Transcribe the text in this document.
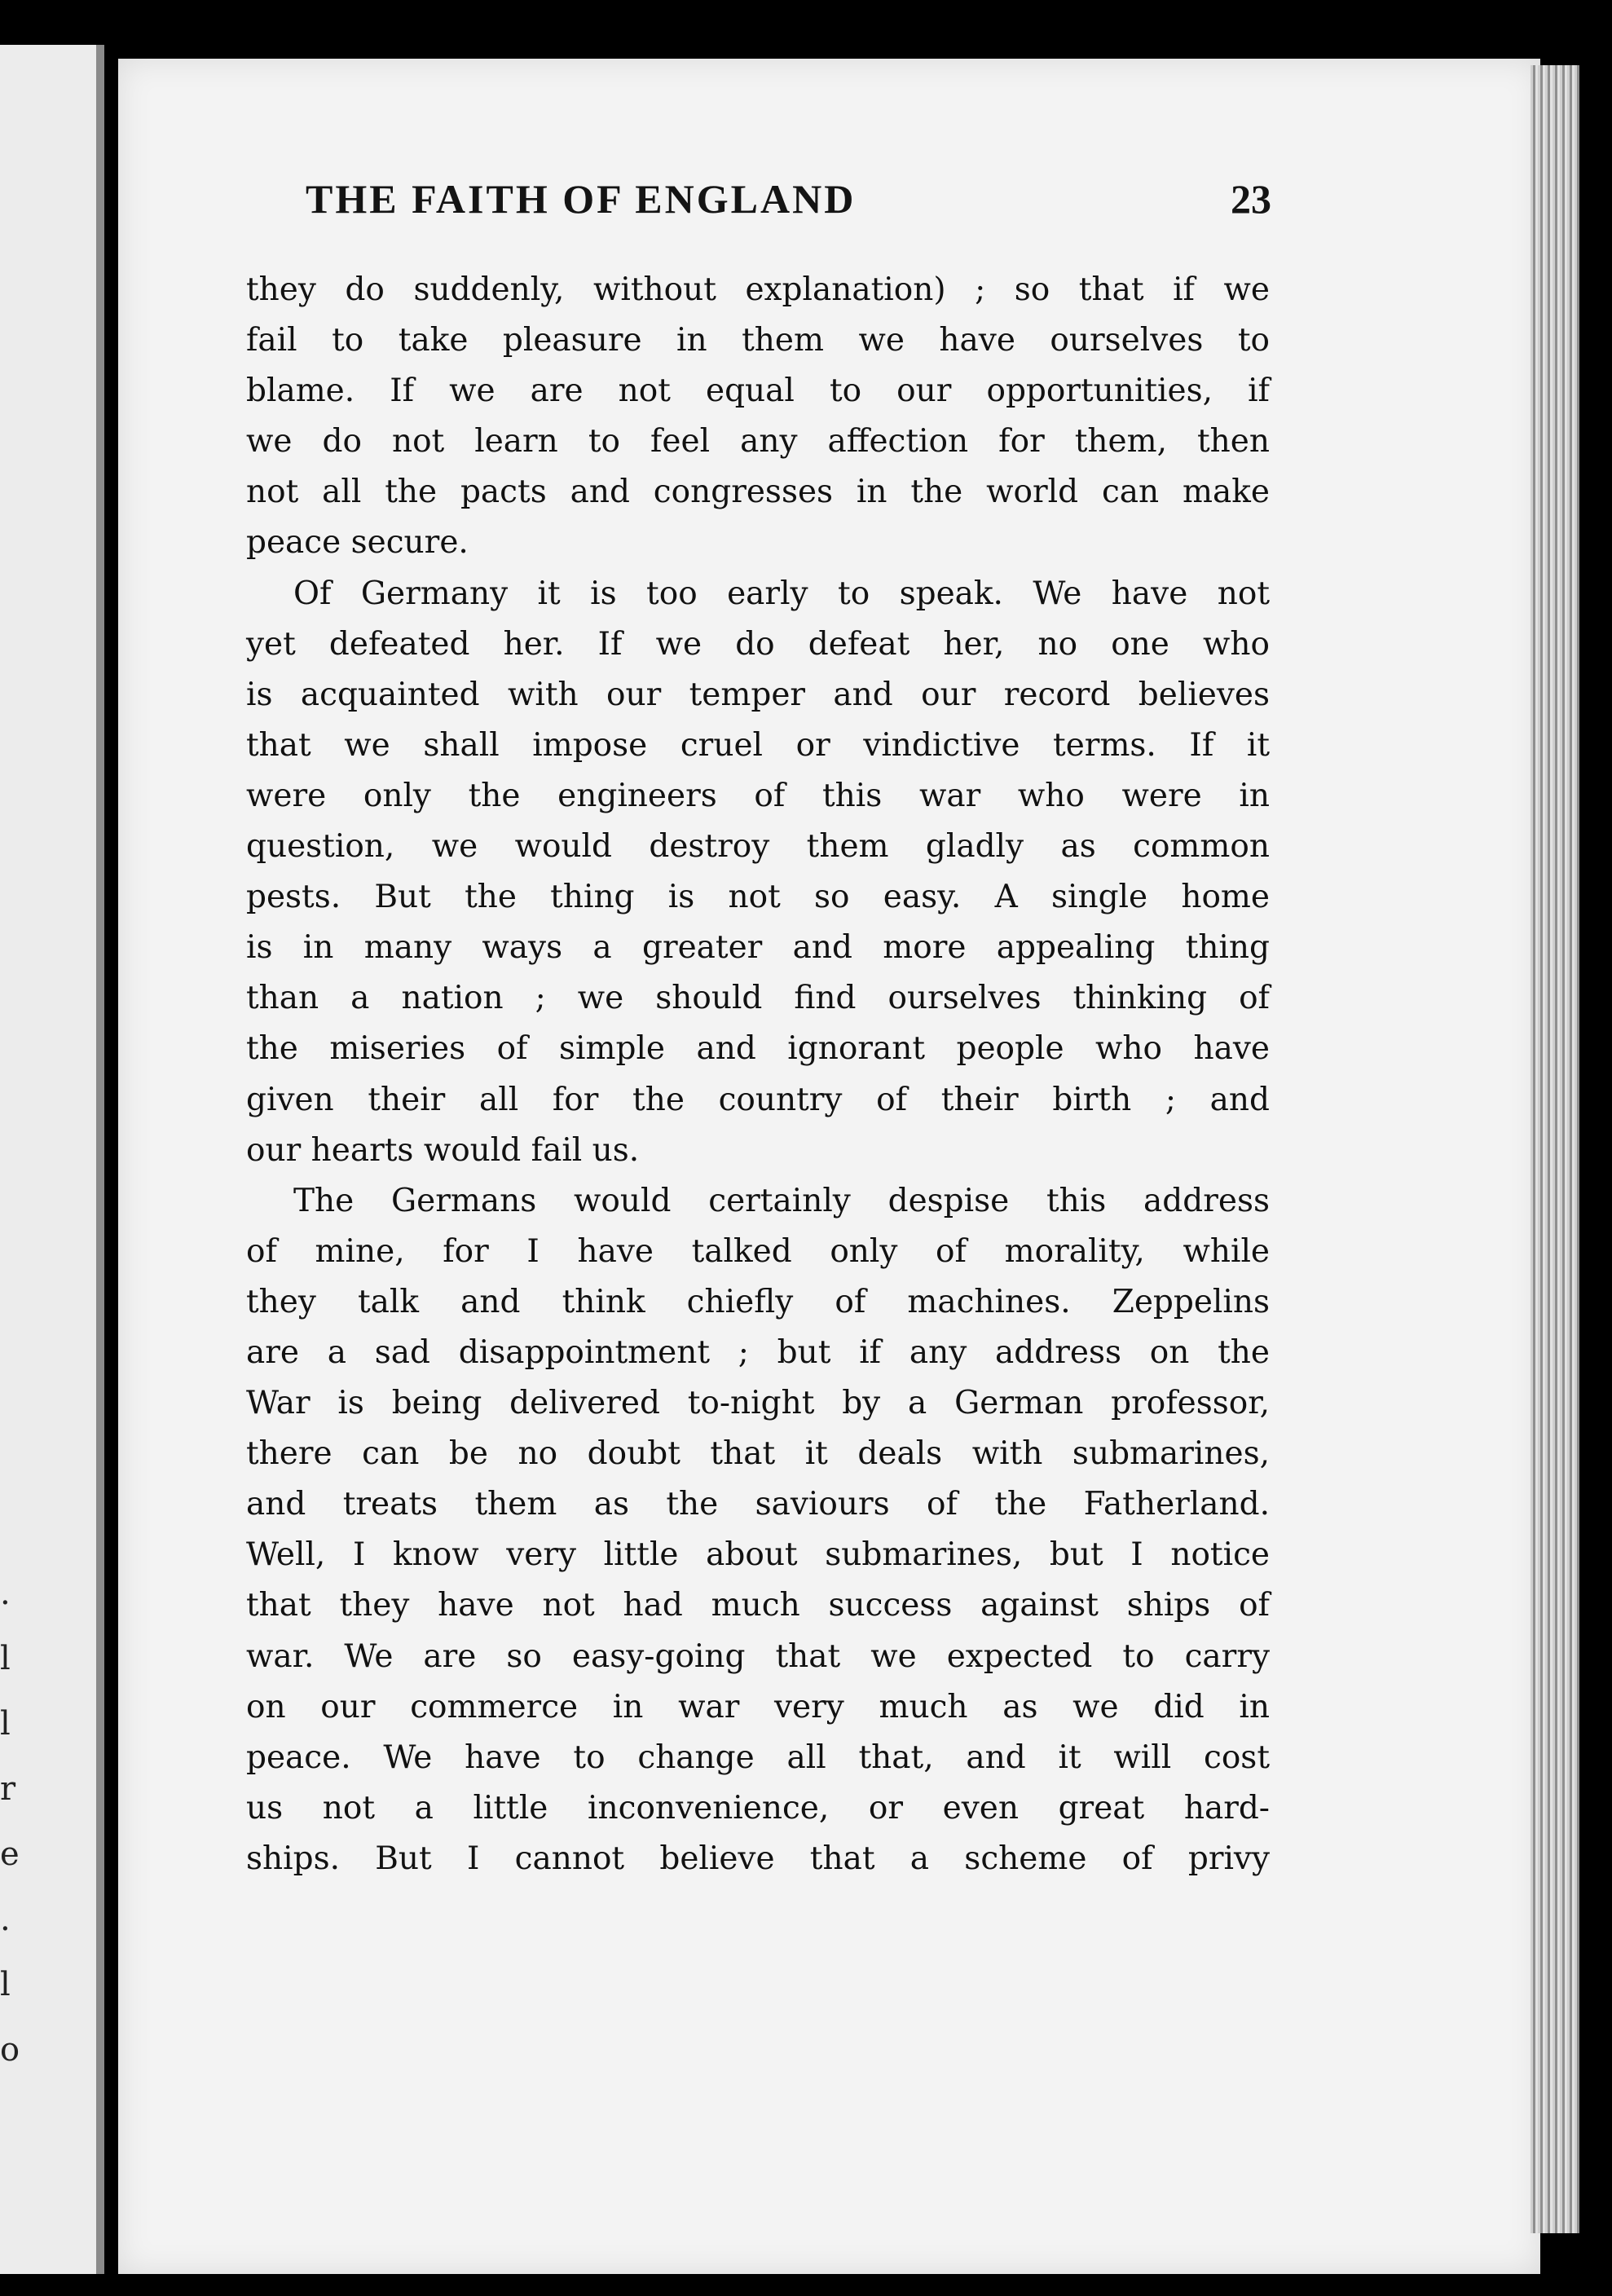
.
l
l
r
e
.
l
o
THE FAITH OF ENGLAND	23
they do suddenly, without explanation) ; so that if we
fail to take pleasure in them we have ourselves to
blame. If we are not equal to our opportunities, if
we do not learn to feel any affection for them, then
not all the pacts and congresses in the world can make
peace secure.
Of Germany it is too early to speak. We have not
yet defeated her. If we do defeat her, no one who
is acquainted with our temper and our record believes
that we shall impose cruel or vindictive terms. If it
were only the engineers of this war who were in
question, we would destroy them gladly as common
pests. But the thing is not so easy. A single home
is in many ways a greater and more appealing thing
than a nation ; we should find ourselves thinking of
the miseries of simple and ignorant people who have
given their all for the country of their birth ; and
our hearts would fail us.
The Germans would certainly despise this address
of mine, for I have talked only of morality, while
they talk and think chiefly of machines. Zeppelins
are a sad disappointment ; but if any address on the
War is being delivered to-night by a German professor,
there can be no doubt that it deals with submarines,
and treats them as the saviours of the Fatherland.
Well, I know very little about submarines, but I notice
that they have not had much success against ships of
war. We are so easy-going that we expected to carry
on our commerce in war very much as we did in
peace. We have to change all that, and it will cost
us not a little inconvenience, or even great hard-
ships. But I cannot believe that a scheme of privy
